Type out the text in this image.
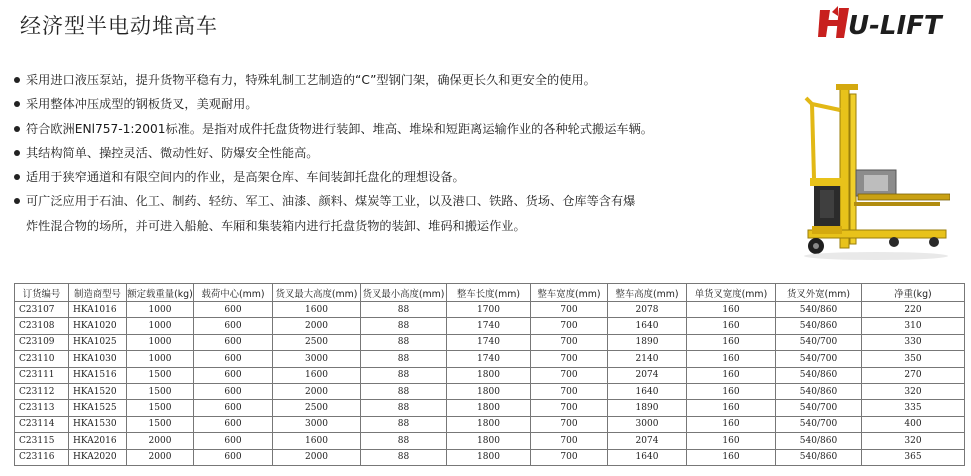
经济型半电动堆高车	U-LIFT
采用进口液压泵站，提升货物平稳有力，特殊轧制工艺制造的“C”型钢门架，确保更长久和更安全的使用。
采用整体冲压成型的钢板货叉，美观耐用。
符合欧洲ENl757-1:2001标准。是指对成件托盘货物进行装卸、堆高、堆垛和短距离运输作业的各种轮式搬运车辆。
其结构简单、操控灵活、微动性好、防爆安全性能高。
适用于狭窄通道和有限空间内的作业，是高架仓库、车间装卸托盘化的理想设备。
可广泛应用于石油、化工、制药、轻纺、军工、油漆、颜料、煤炭等工业，以及港口、铁路、货场、仓库等含有爆
炸性混合物的场所，并可进入船舱、车厢和集装箱内进行托盘货物的装卸、堆码和搬运作业。
订货编号	制造商型号	额定载重量(kg)	载荷中心(mm)	货叉最大高度(mm)	货叉最小高度(mm)	整车长度(mm)	整车宽度(mm)	整车高度(mm)	单货叉宽度(mm)	货叉外宽(mm)	净重(kg)
C23107	HKA1016	1000	600	1600	88	1700	700	2078	160	540/860	220
C23108	HKA1020	1000	600	2000	88	1740	700	1640	160	540/860	310
C23109	HKA1025	1000	600	2500	88	1740	700	1890	160	540/700	330
C23110	HKA1030	1000	600	3000	88	1740	700	2140	160	540/700	350
C23111	HKA1516	1500	600	1600	88	1800	700	2074	160	540/860	270
C23112	HKA1520	1500	600	2000	88	1800	700	1640	160	540/860	320
C23113	HKA1525	1500	600	2500	88	1800	700	1890	160	540/700	335
C23114	HKA1530	1500	600	3000	88	1800	700	3000	160	540/700	400
C23115	HKA2016	2000	600	1600	88	1800	700	2074	160	540/860	320
C23116	HKA2020	2000	600	2000	88	1800	700	1640	160	540/860	365
